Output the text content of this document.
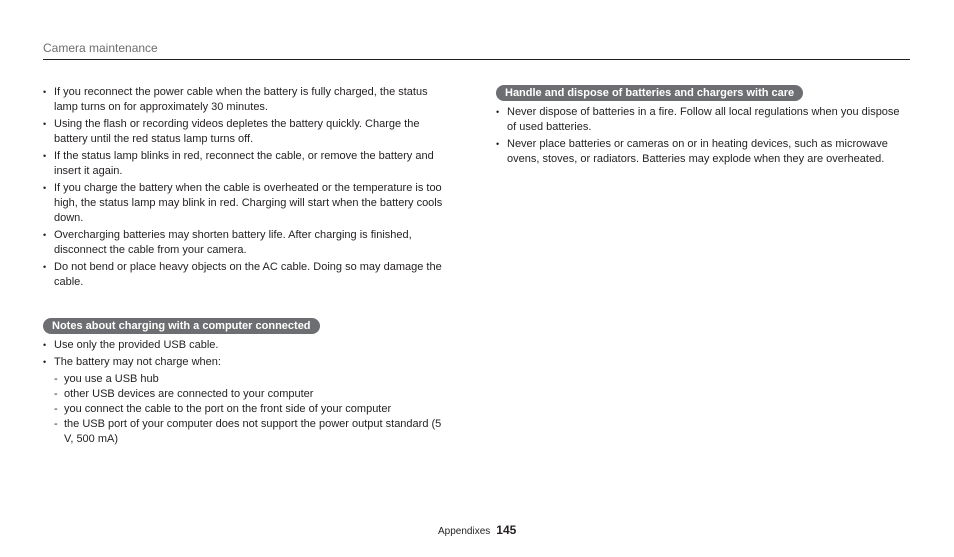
Camera maintenance
• If you reconnect the power cable when the battery is fully charged, the status lamp turns on for approximately 30 minutes.
• Using the flash or recording videos depletes the battery quickly. Charge the battery until the red status lamp turns off.
• If the status lamp blinks in red, reconnect the cable, or remove the battery and insert it again.
• If you charge the battery when the cable is overheated or the temperature is too high, the status lamp may blink in red. Charging will start when the battery cools down.
• Overcharging batteries may shorten battery life. After charging is finished, disconnect the cable from your camera.
• Do not bend or place heavy objects on the AC cable. Doing so may damage the cable.
Notes about charging with a computer connected
• Use only the provided USB cable.
• The battery may not charge when:
- you use a USB hub
- other USB devices are connected to your computer
- you connect the cable to the port on the front side of your computer
- the USB port of your computer does not support the power output standard (5 V, 500 mA)
Handle and dispose of batteries and chargers with care
• Never dispose of batteries in a fire. Follow all local regulations when you dispose of used batteries.
• Never place batteries or cameras on or in heating devices, such as microwave ovens, stoves, or radiators. Batteries may explode when they are overheated.
Appendixes 145
